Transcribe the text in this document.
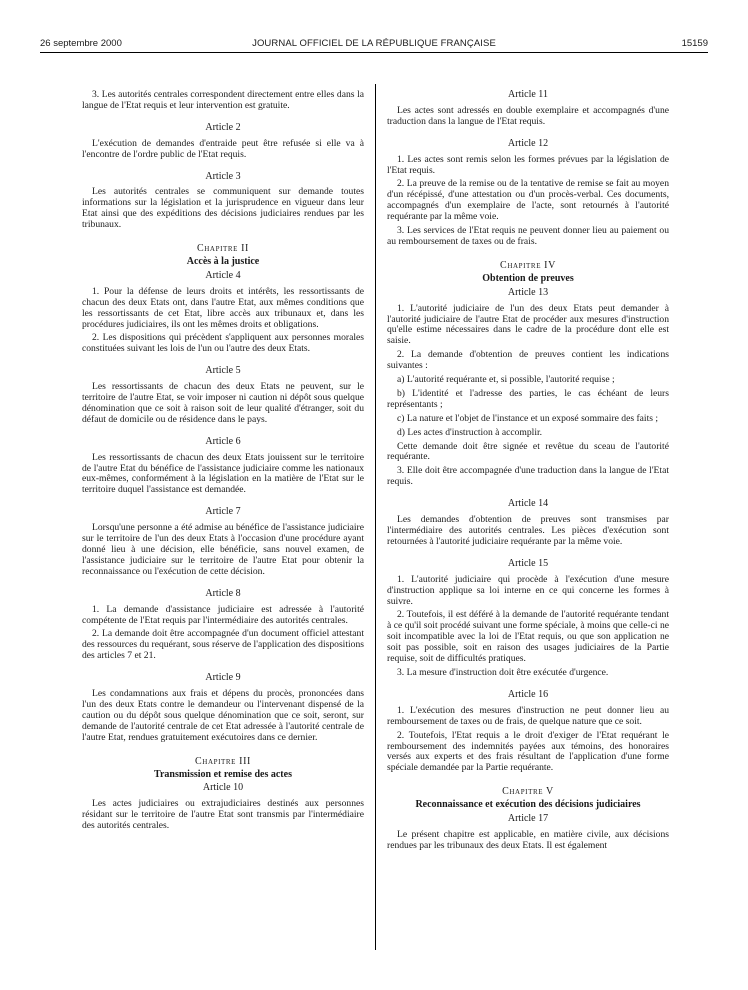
26 septembre 2000	JOURNAL OFFICIEL DE LA RÉPUBLIQUE FRANÇAISE	15159

3. Les autorités centrales correspondent directement entre elles dans la langue de l'Etat requis et leur intervention est gratuite.

Article 2

L'exécution de demandes d'entraide peut être refusée si elle va à l'encontre de l'ordre public de l'Etat requis.

Article 3

Les autorités centrales se communiquent sur demande toutes informations sur la législation et la jurisprudence en vigueur dans leur Etat ainsi que des expéditions des décisions judiciaires rendues par les tribunaux.

Chapitre II
Accès à la justice
Article 4

1. Pour la défense de leurs droits et intérêts, les ressortissants de chacun des deux Etats ont, dans l'autre Etat, aux mêmes conditions que les ressortissants de cet Etat, libre accès aux tribunaux et, dans les procédures judiciaires, ils ont les mêmes droits et obligations.

2. Les dispositions qui précèdent s'appliquent aux personnes morales constituées suivant les lois de l'un ou l'autre des deux Etats.

Article 5

Les ressortissants de chacun des deux Etats ne peuvent, sur le territoire de l'autre Etat, se voir imposer ni caution ni dépôt sous quelque dénomination que ce soit à raison soit de leur qualité d'étranger, soit du défaut de domicile ou de résidence dans le pays.

Article 6

Les ressortissants de chacun des deux Etats jouissent sur le territoire de l'autre Etat du bénéfice de l'assistance judiciaire comme les nationaux eux-mêmes, conformément à la législation en la matière de l'Etat sur le territoire duquel l'assistance est demandée.

Article 7

Lorsqu'une personne a été admise au bénéfice de l'assistance judiciaire sur le territoire de l'un des deux Etats à l'occasion d'une procédure ayant donné lieu à une décision, elle bénéficie, sans nouvel examen, de l'assistance judiciaire sur le territoire de l'autre Etat pour obtenir la reconnaissance ou l'exécution de cette décision.

Article 8

1. La demande d'assistance judiciaire est adressée à l'autorité compétente de l'Etat requis par l'intermédiaire des autorités centrales.

2. La demande doit être accompagnée d'un document officiel attestant des ressources du requérant, sous réserve de l'application des dispositions des articles 7 et 21.

Article 9

Les condamnations aux frais et dépens du procès, prononcées dans l'un des deux Etats contre le demandeur ou l'intervenant dispensé de la caution ou du dépôt sous quelque dénomination que ce soit, seront, sur demande de l'autorité centrale de cet Etat adressée à l'autorité centrale de l'autre Etat, rendues gratuitement exécutoires dans ce dernier.

Chapitre III
Transmission et remise des actes
Article 10

Les actes judiciaires ou extrajudiciaires destinés aux personnes résidant sur le territoire de l'autre Etat sont transmis par l'intermédiaire des autorités centrales.

Article 11

Les actes sont adressés en double exemplaire et accompagnés d'une traduction dans la langue de l'Etat requis.

Article 12

1. Les actes sont remis selon les formes prévues par la législation de l'Etat requis.

2. La preuve de la remise ou de la tentative de remise se fait au moyen d'un récépissé, d'une attestation ou d'un procès-verbal. Ces documents, accompagnés d'un exemplaire de l'acte, sont retournés à l'autorité requérante par la même voie.

3. Les services de l'Etat requis ne peuvent donner lieu au paiement ou au remboursement de taxes ou de frais.

Chapitre IV
Obtention de preuves
Article 13

1. L'autorité judiciaire de l'un des deux Etats peut demander à l'autorité judiciaire de l'autre Etat de procéder aux mesures d'instruction qu'elle estime nécessaires dans le cadre de la procédure dont elle est saisie.

2. La demande d'obtention de preuves contient les indications suivantes :

a) L'autorité requérante et, si possible, l'autorité requise ;

b) L'identité et l'adresse des parties, le cas échéant de leurs représentants ;

c) La nature et l'objet de l'instance et un exposé sommaire des faits ;

d) Les actes d'instruction à accomplir.

Cette demande doit être signée et revêtue du sceau de l'autorité requérante.

3. Elle doit être accompagnée d'une traduction dans la langue de l'Etat requis.

Article 14

Les demandes d'obtention de preuves sont transmises par l'intermédiaire des autorités centrales. Les pièces d'exécution sont retournées à l'autorité judiciaire requérante par la même voie.

Article 15

1. L'autorité judiciaire qui procède à l'exécution d'une mesure d'instruction applique sa loi interne en ce qui concerne les formes à suivre.

2. Toutefois, il est déféré à la demande de l'autorité requérante tendant à ce qu'il soit procédé suivant une forme spéciale, à moins que celle-ci ne soit incompatible avec la loi de l'Etat requis, ou que son application ne soit pas possible, soit en raison des usages judiciaires de la Partie requise, soit de difficultés pratiques.

3. La mesure d'instruction doit être exécutée d'urgence.

Article 16

1. L'exécution des mesures d'instruction ne peut donner lieu au remboursement de taxes ou de frais, de quelque nature que ce soit.

2. Toutefois, l'Etat requis a le droit d'exiger de l'Etat requérant le remboursement des indemnités payées aux témoins, des honoraires versés aux experts et des frais résultant de l'application d'une forme spéciale demandée par la Partie requérante.

Chapitre V
Reconnaissance et exécution des décisions judiciaires
Article 17

Le présent chapitre est applicable, en matière civile, aux décisions rendues par les tribunaux des deux Etats. Il est également
